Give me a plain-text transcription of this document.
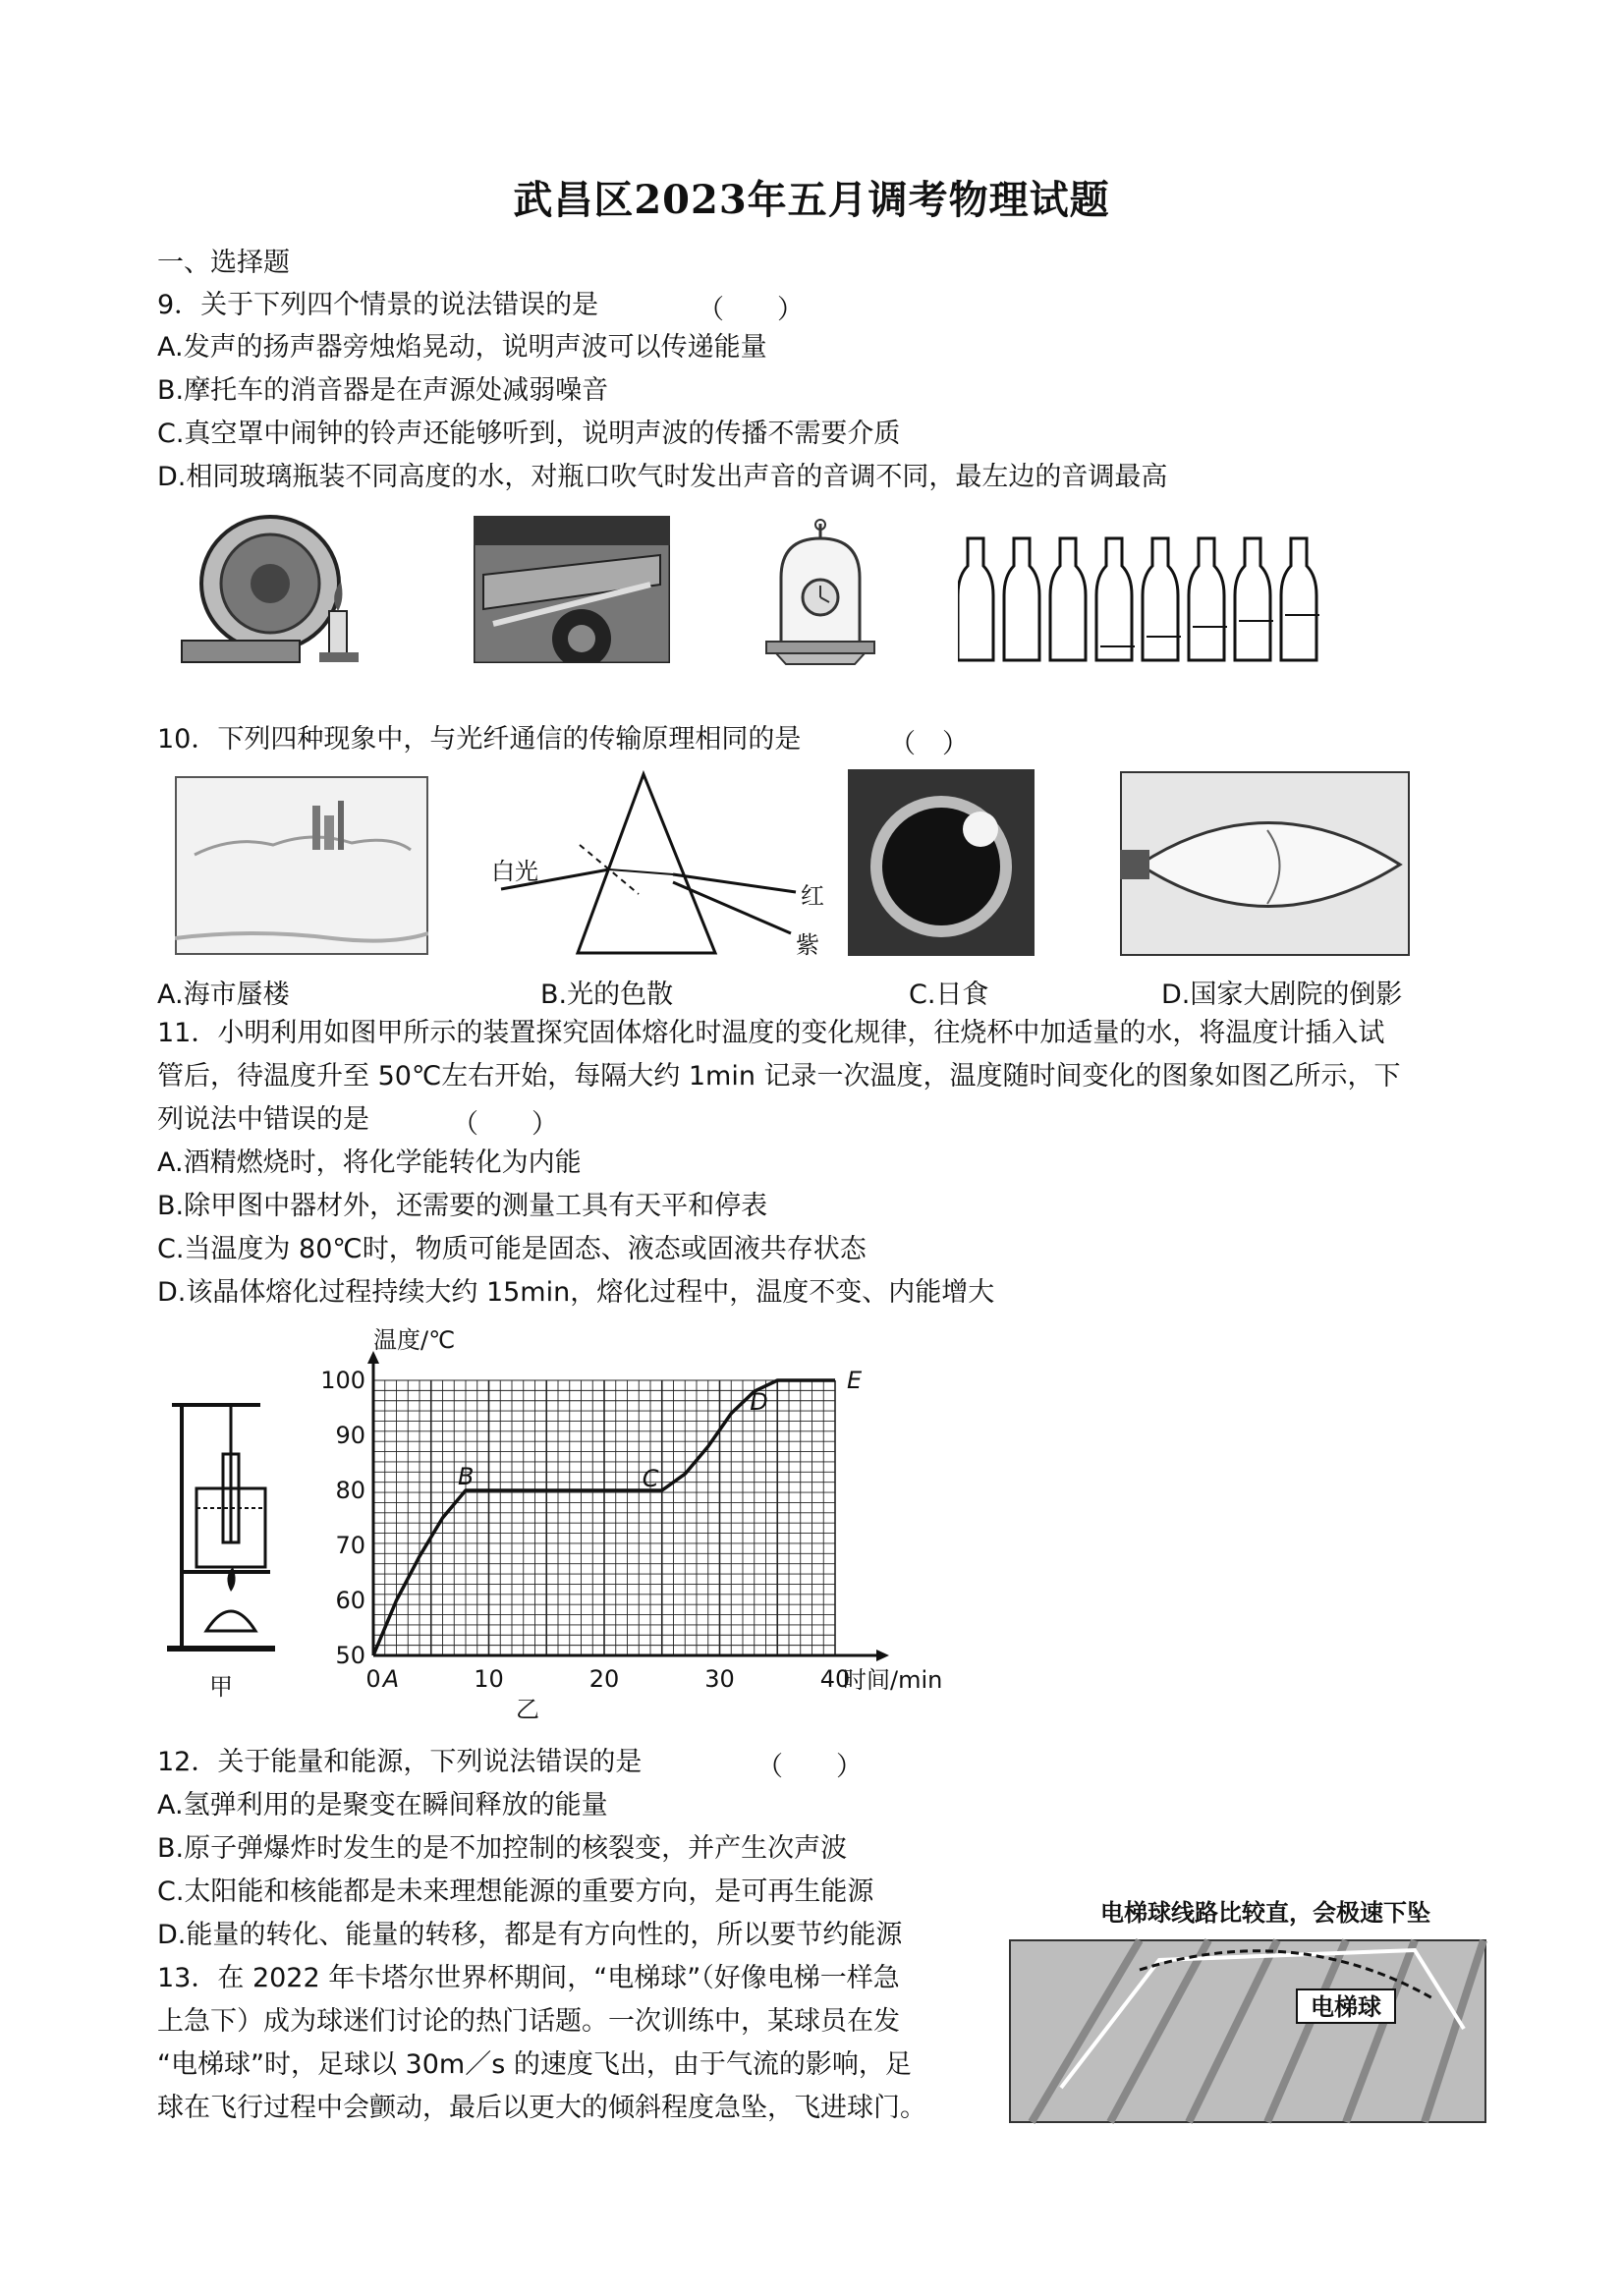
武昌区2023年五月调考物理试题
一、选择题
9．关于下列四个情景的说法错误的是	（　　）
A.发声的扬声器旁烛焰晃动，说明声波可以传递能量
B.摩托车的消音器是在声源处减弱噪音
C.真空罩中闹钟的铃声还能够听到，说明声波的传播不需要介质
D.相同玻璃瓶装不同高度的水，对瓶口吹气时发出声音的音调不同，最左边的音调最高
10．下列四种现象中，与光纤通信的传输原理相同的是	（　）
白光
红
紫
A.海市蜃楼	B.光的色散	C.日食	D.国家大剧院的倒影
11．小明利用如图甲所示的装置探究固体熔化时温度的变化规律，往烧杯中加适量的水，将温度计插入试
管后，待温度升至 50℃左右开始，每隔大约 1min 记录一次温度，温度随时间变化的图象如图乙所示，下
列说法中错误的是	（　　）
A.酒精燃烧时，将化学能转化为内能
B.除甲图中器材外，还需要的测量工具有天平和停表
C.当温度为 80℃时，物质可能是固态、液态或固液共存状态
D.该晶体熔化过程持续大约 15min，熔化过程中，温度不变、内能增大
甲	0	10	20	30	40
50
60
70
80
90
100
A
B	C
D
E
温度/℃
时间/min
乙
12．关于能量和能源，下列说法错误的是	（　　）
A.氢弹利用的是聚变在瞬间释放的能量
B.原子弹爆炸时发生的是不加控制的核裂变，并产生次声波
C.太阳能和核能都是未来理想能源的重要方向，是可再生能源
D.能量的转化、能量的转移，都是有方向性的，所以要节约能源
13．在 2022 年卡塔尔世界杯期间，“电梯球”（好像电梯一样急
上急下）成为球迷们讨论的热门话题。一次训练中，某球员在发
“电梯球”时，足球以 30m／s 的速度飞出，由于气流的影响，足
球在飞行过程中会颤动，最后以更大的倾斜程度急坠，飞进球门。
电梯球线路比较直，会极速下坠
电梯球
